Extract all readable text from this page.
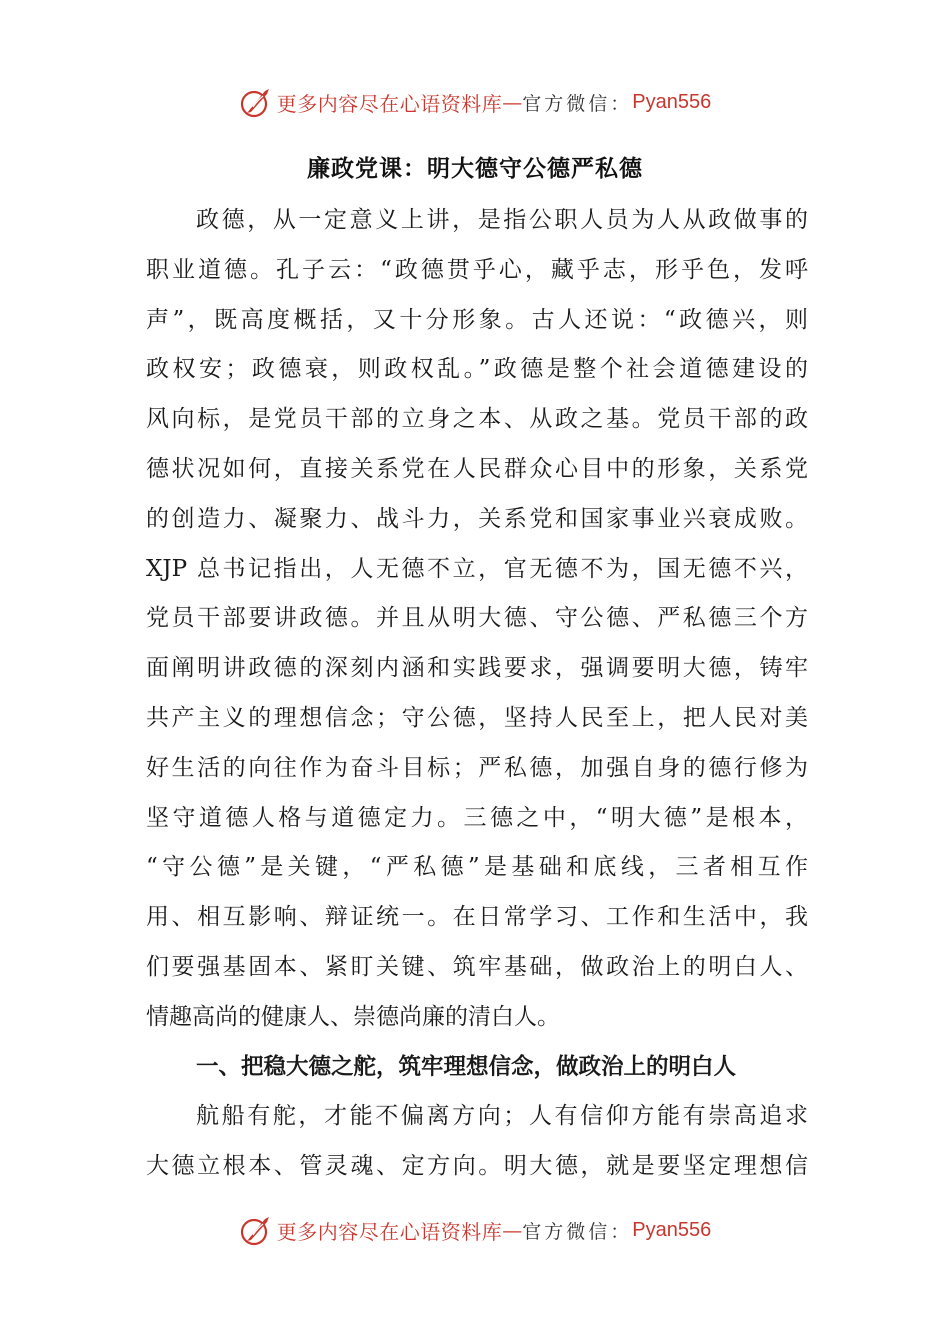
更多内容尽在心语资料库 — 官方微信： Pyan556
廉政党课：明大德守公德严私德
政德，从一定意义上讲，是指公职人员为人从政做事的
职业道德。孔子云：“政德贯乎心，藏乎志，形乎色，发呼
声”，既高度概括，又十分形象。古人还说：“政德兴，则
政权安；政德衰，则政权乱。”政德是整个社会道德建设的
风向标，是党员干部的立身之本、从政之基。党员干部的政
德状况如何，直接关系党在人民群众心目中的形象，关系党
的创造力、凝聚力、战斗力，关系党和国家事业兴衰成败。
XJP 总书记指出，人无德不立，官无德不为，国无德不兴，
党员干部要讲政德。并且从明大德、守公德、严私德三个方
面阐明讲政德的深刻内涵和实践要求，强调要明大德，铸牢
共产主义的理想信念；守公德，坚持人民至上，把人民对美
好生活的向往作为奋斗目标；严私德，加强自身的德行修为
坚守道德人格与道德定力。三德之中，“明大德”是根本，
“守公德”是关键，“严私德”是基础和底线，三者相互作
用、相互影响、辩证统一。在日常学习、工作和生活中，我
们要强基固本、紧盯关键、筑牢基础，做政治上的明白人、
情趣高尚的健康人、崇德尚廉的清白人。
一、把稳大德之舵，筑牢理想信念，做政治上的明白人
航船有舵，才能不偏离方向；人有信仰方能有崇高追求
大德立根本、管灵魂、定方向。明大德，就是要坚定理想信
更多内容尽在心语资料库 — 官方微信： Pyan556
